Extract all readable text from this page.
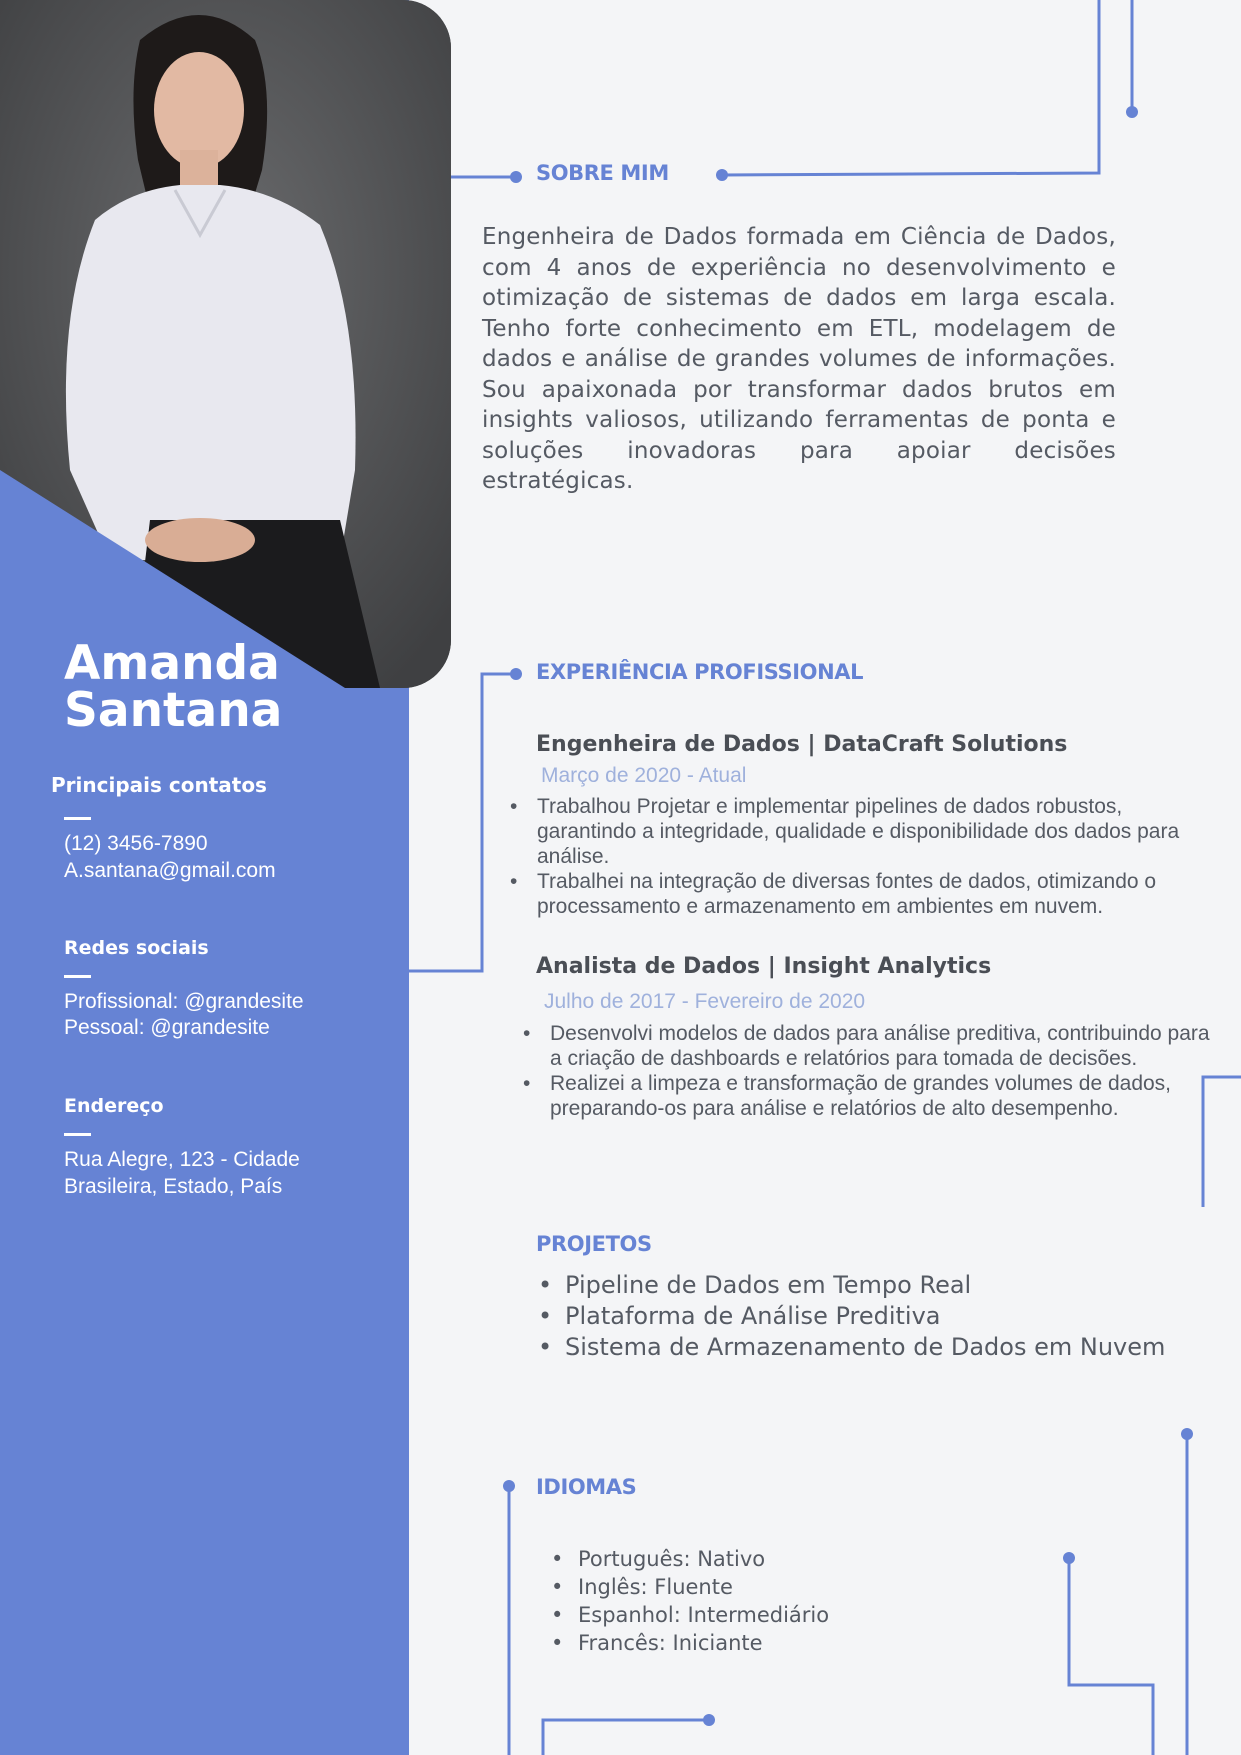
Amanda
Santana
Principais contatos
(12) 3456-7890
A.santana@gmail.com
Redes sociais
Profissional: @grandesite
Pessoal: @grandesite
Endereço
Rua Alegre, 123 - Cidade
Brasileira, Estado, País
SOBRE MIM
Engenheira de Dados formada em Ciência de Dados, com 4 anos de experiência no desenvolvimento e otimização de sistemas de dados em larga escala. Tenho forte conhecimento em ETL, modelagem de dados e análise de grandes volumes de informações. Sou apaixonada por transformar dados brutos em insights valiosos, utilizando ferramentas de ponta e soluções inovadoras para apoiar decisões estratégicas.
EXPERIÊNCIA PROFISSIONAL
Engenheira de Dados | DataCraft Solutions
Março de 2020 - Atual
• Trabalhou Projetar e implementar pipelines de dados robustos, garantindo a integridade, qualidade e disponibilidade dos dados para análise.
• Trabalhei na integração de diversas fontes de dados, otimizando o processamento e armazenamento em ambientes em nuvem.
Analista de Dados | Insight Analytics
Julho de 2017 - Fevereiro de 2020
• Desenvolvi modelos de dados para análise preditiva, contribuindo para a criação de dashboards e relatórios para tomada de decisões.
• Realizei a limpeza e transformação de grandes volumes de dados, preparando-os para análise e relatórios de alto desempenho.
PROJETOS
• Pipeline de Dados em Tempo Real
• Plataforma de Análise Preditiva
• Sistema de Armazenamento de Dados em Nuvem
IDIOMAS
• Português: Nativo
• Inglês: Fluente
• Espanhol: Intermediário
• Francês: Iniciante
